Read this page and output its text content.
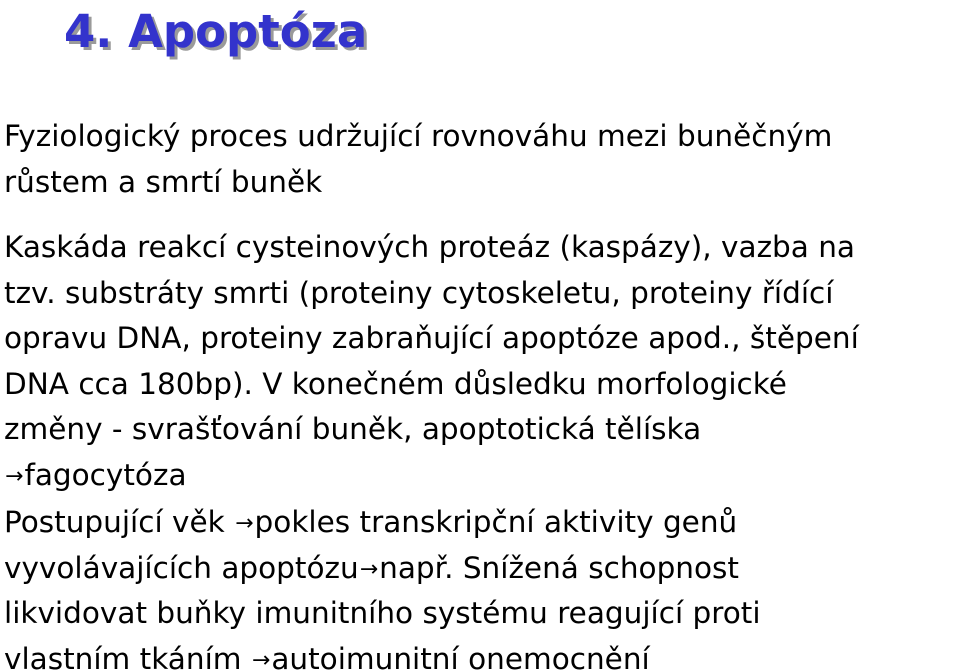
4. Apoptóza
Fyziologický proces udržující rovnováhu mezi buněčným
růstem a smrtí buněk
Kaskáda reakcí cysteinových proteáz (kaspázy), vazba na
tzv. substráty smrti (proteiny cytoskeletu, proteiny řídící
opravu DNA, proteiny zabraňující apoptóze apod., štěpení
DNA cca 180bp). V konečném důsledku morfologické
změny - svrašťování buněk, apoptotická tělíska
→fagocytóza
Postupující věk →pokles transkripční aktivity genů
vyvolávajících apoptózu→např. Snížená schopnost
likvidovat buňky imunitního systému reagující proti
vlastním tkáním →autoimunitní onemocnění
